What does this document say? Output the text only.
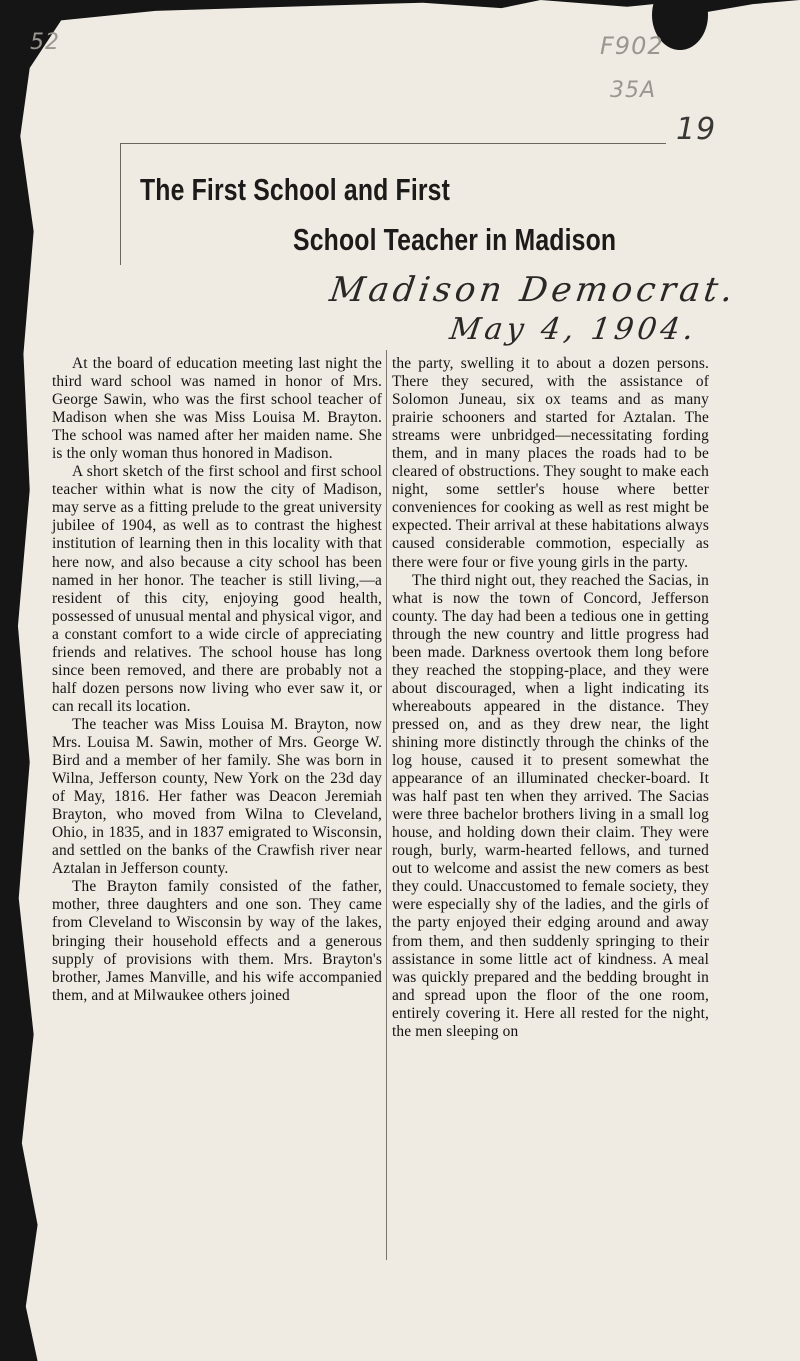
52	F902
35A
19
The First School and First
School Teacher in Madison
Madison Democrat.
May 4, 1904.

At the board of education meeting last night the third ward school was named in honor of Mrs. George Sawin, who was the first school teacher of Madison when she was Miss Louisa M. Brayton. The school was named after her maiden name. She is the only woman thus honored in Madison.

A short sketch of the first school and first school teacher within what is now the city of Madison, may serve as a fitting prelude to the great university jubilee of 1904, as well as to contrast the highest institution of learning then in this locality with that here now, and also because a city school has been named in her honor. The teacher is still living,—a resident of this city, enjoying good health, possessed of unusual mental and physical vigor, and a constant comfort to a wide circle of appreciating friends and relatives. The school house has long since been removed, and there are probably not a half dozen persons now living who ever saw it, or can recall its location.

The teacher was Miss Louisa M. Brayton, now Mrs. Louisa M. Sawin, mother of Mrs. George W. Bird and a member of her family. She was born in Wilna, Jefferson county, New York on the 23d day of May, 1816. Her father was Deacon Jeremiah Brayton, who moved from Wilna to Cleveland, Ohio, in 1835, and in 1837 emigrated to Wisconsin, and settled on the banks of the Crawfish river near Aztalan in Jefferson county.

The Brayton family consisted of the father, mother, three daughters and one son. They came from Cleveland to Wisconsin by way of the lakes, bringing their household effects and a generous supply of provisions with them. Mrs. Brayton's brother, James Manville, and his wife accompanied them, and at Milwaukee others joined

the party, swelling it to about a dozen persons. There they secured, with the assistance of Solomon Juneau, six ox teams and as many prairie schooners and started for Aztalan. The streams were unbridged—necessitating fording them, and in many places the roads had to be cleared of obstructions. They sought to make each night, some settler's house where better conveniences for cooking as well as rest might be expected. Their arrival at these habitations always caused considerable commotion, especially as there were four or five young girls in the party.

The third night out, they reached the Sacias, in what is now the town of Concord, Jefferson county. The day had been a tedious one in getting through the new country and little progress had been made. Darkness overtook them long before they reached the stopping-place, and they were about discouraged, when a light indicating its whereabouts appeared in the distance. They pressed on, and as they drew near, the light shining more distinctly through the chinks of the log house, caused it to present somewhat the appearance of an illuminated checker-board. It was half past ten when they arrived. The Sacias were three bachelor brothers living in a small log house, and holding down their claim. They were rough, burly, warm-hearted fellows, and turned out to welcome and assist the new comers as best they could. Unaccustomed to female society, they were especially shy of the ladies, and the girls of the party enjoyed their edging around and away from them, and then suddenly springing to their assistance in some little act of kindness. A meal was quickly prepared and the bedding brought in and spread upon the floor of the one room, entirely covering it. Here all rested for the night, the men sleeping on
